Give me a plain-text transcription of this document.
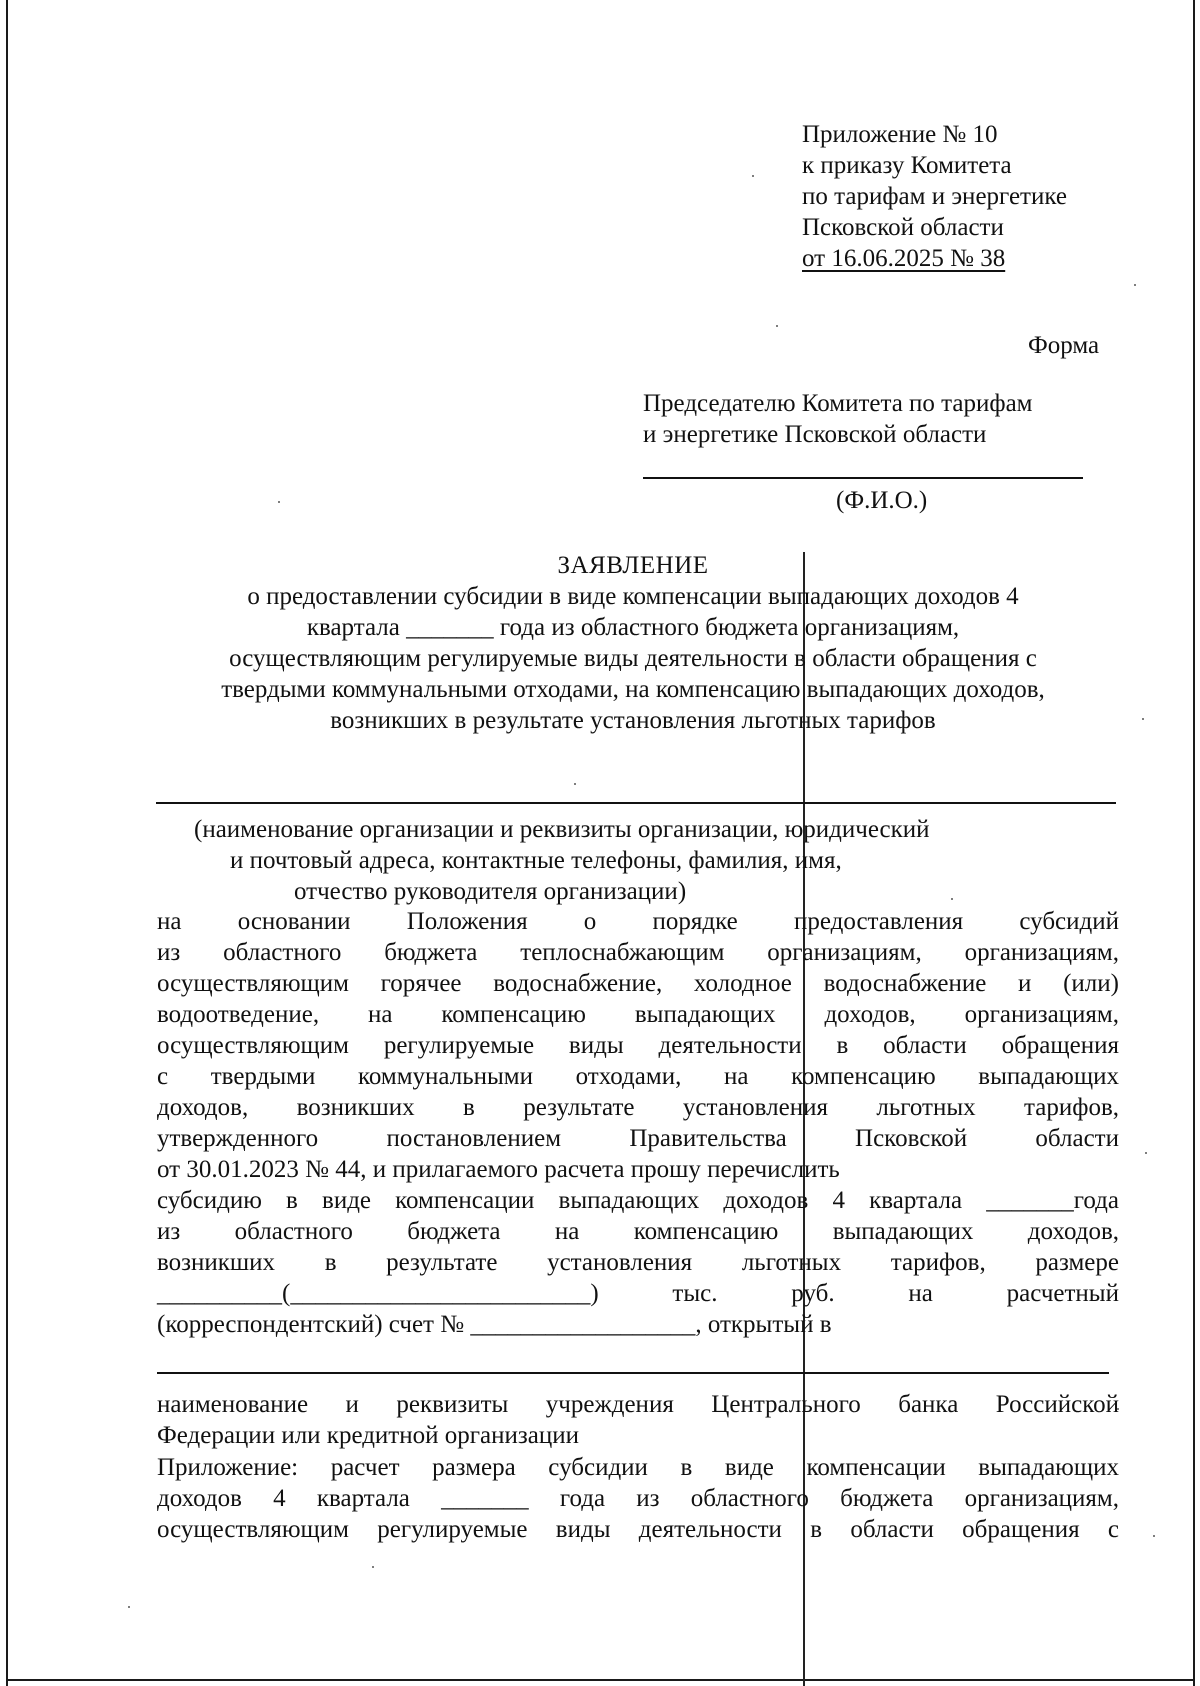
Приложение № 10
к приказу Комитета
по тарифам и энергетике
Псковской области
от 16.06.2025 № 38
Форма
Председателю Комитета по тарифам
и энергетике Псковской области
(Ф.И.О.)
ЗАЯВЛЕНИЕ
о предоставлении субсидии в виде компенсации выпадающих доходов 4
квартала _______ года из областного бюджета организациям,
осуществляющим регулируемые виды деятельности в области обращения с
твердыми коммунальными отходами, на компенсацию выпадающих доходов,
возникших в результате установления льготных тарифов
(наименование организации и реквизиты организации, юридический
и почтовый адреса, контактные телефоны, фамилия, имя,
отчество руководителя организации)
на основании Положения о порядке предоставления субсидий
из областного бюджета теплоснабжающим организациям, организациям,
осуществляющим горячее водоснабжение, холодное водоснабжение и (или)
водоотведение, на компенсацию выпадающих доходов, организациям,
осуществляющим регулируемые виды деятельности в области обращения
с твердыми коммунальными отходами, на компенсацию выпадающих
доходов, возникших в результате установления льготных тарифов,
утвержденного постановлением Правительства Псковской области
от 30.01.2023 № 44, и прилагаемого расчета прошу перечислить
субсидию в виде компенсации выпадающих доходов 4 квартала _______года
из областного бюджета на компенсацию выпадающих доходов,
возникших в результате установления льготных тарифов, размере
__________(________________________) тыс. руб. на расчетный
(корреспондентский) счет № __________________, открытый в
наименование и реквизиты учреждения Центрального банка Российской
Федерации или кредитной организации
Приложение: расчет размера субсидии в виде компенсации выпадающих
доходов 4 квартала _______ года из областного бюджета организациям,
осуществляющим регулируемые виды деятельности в области обращения с
